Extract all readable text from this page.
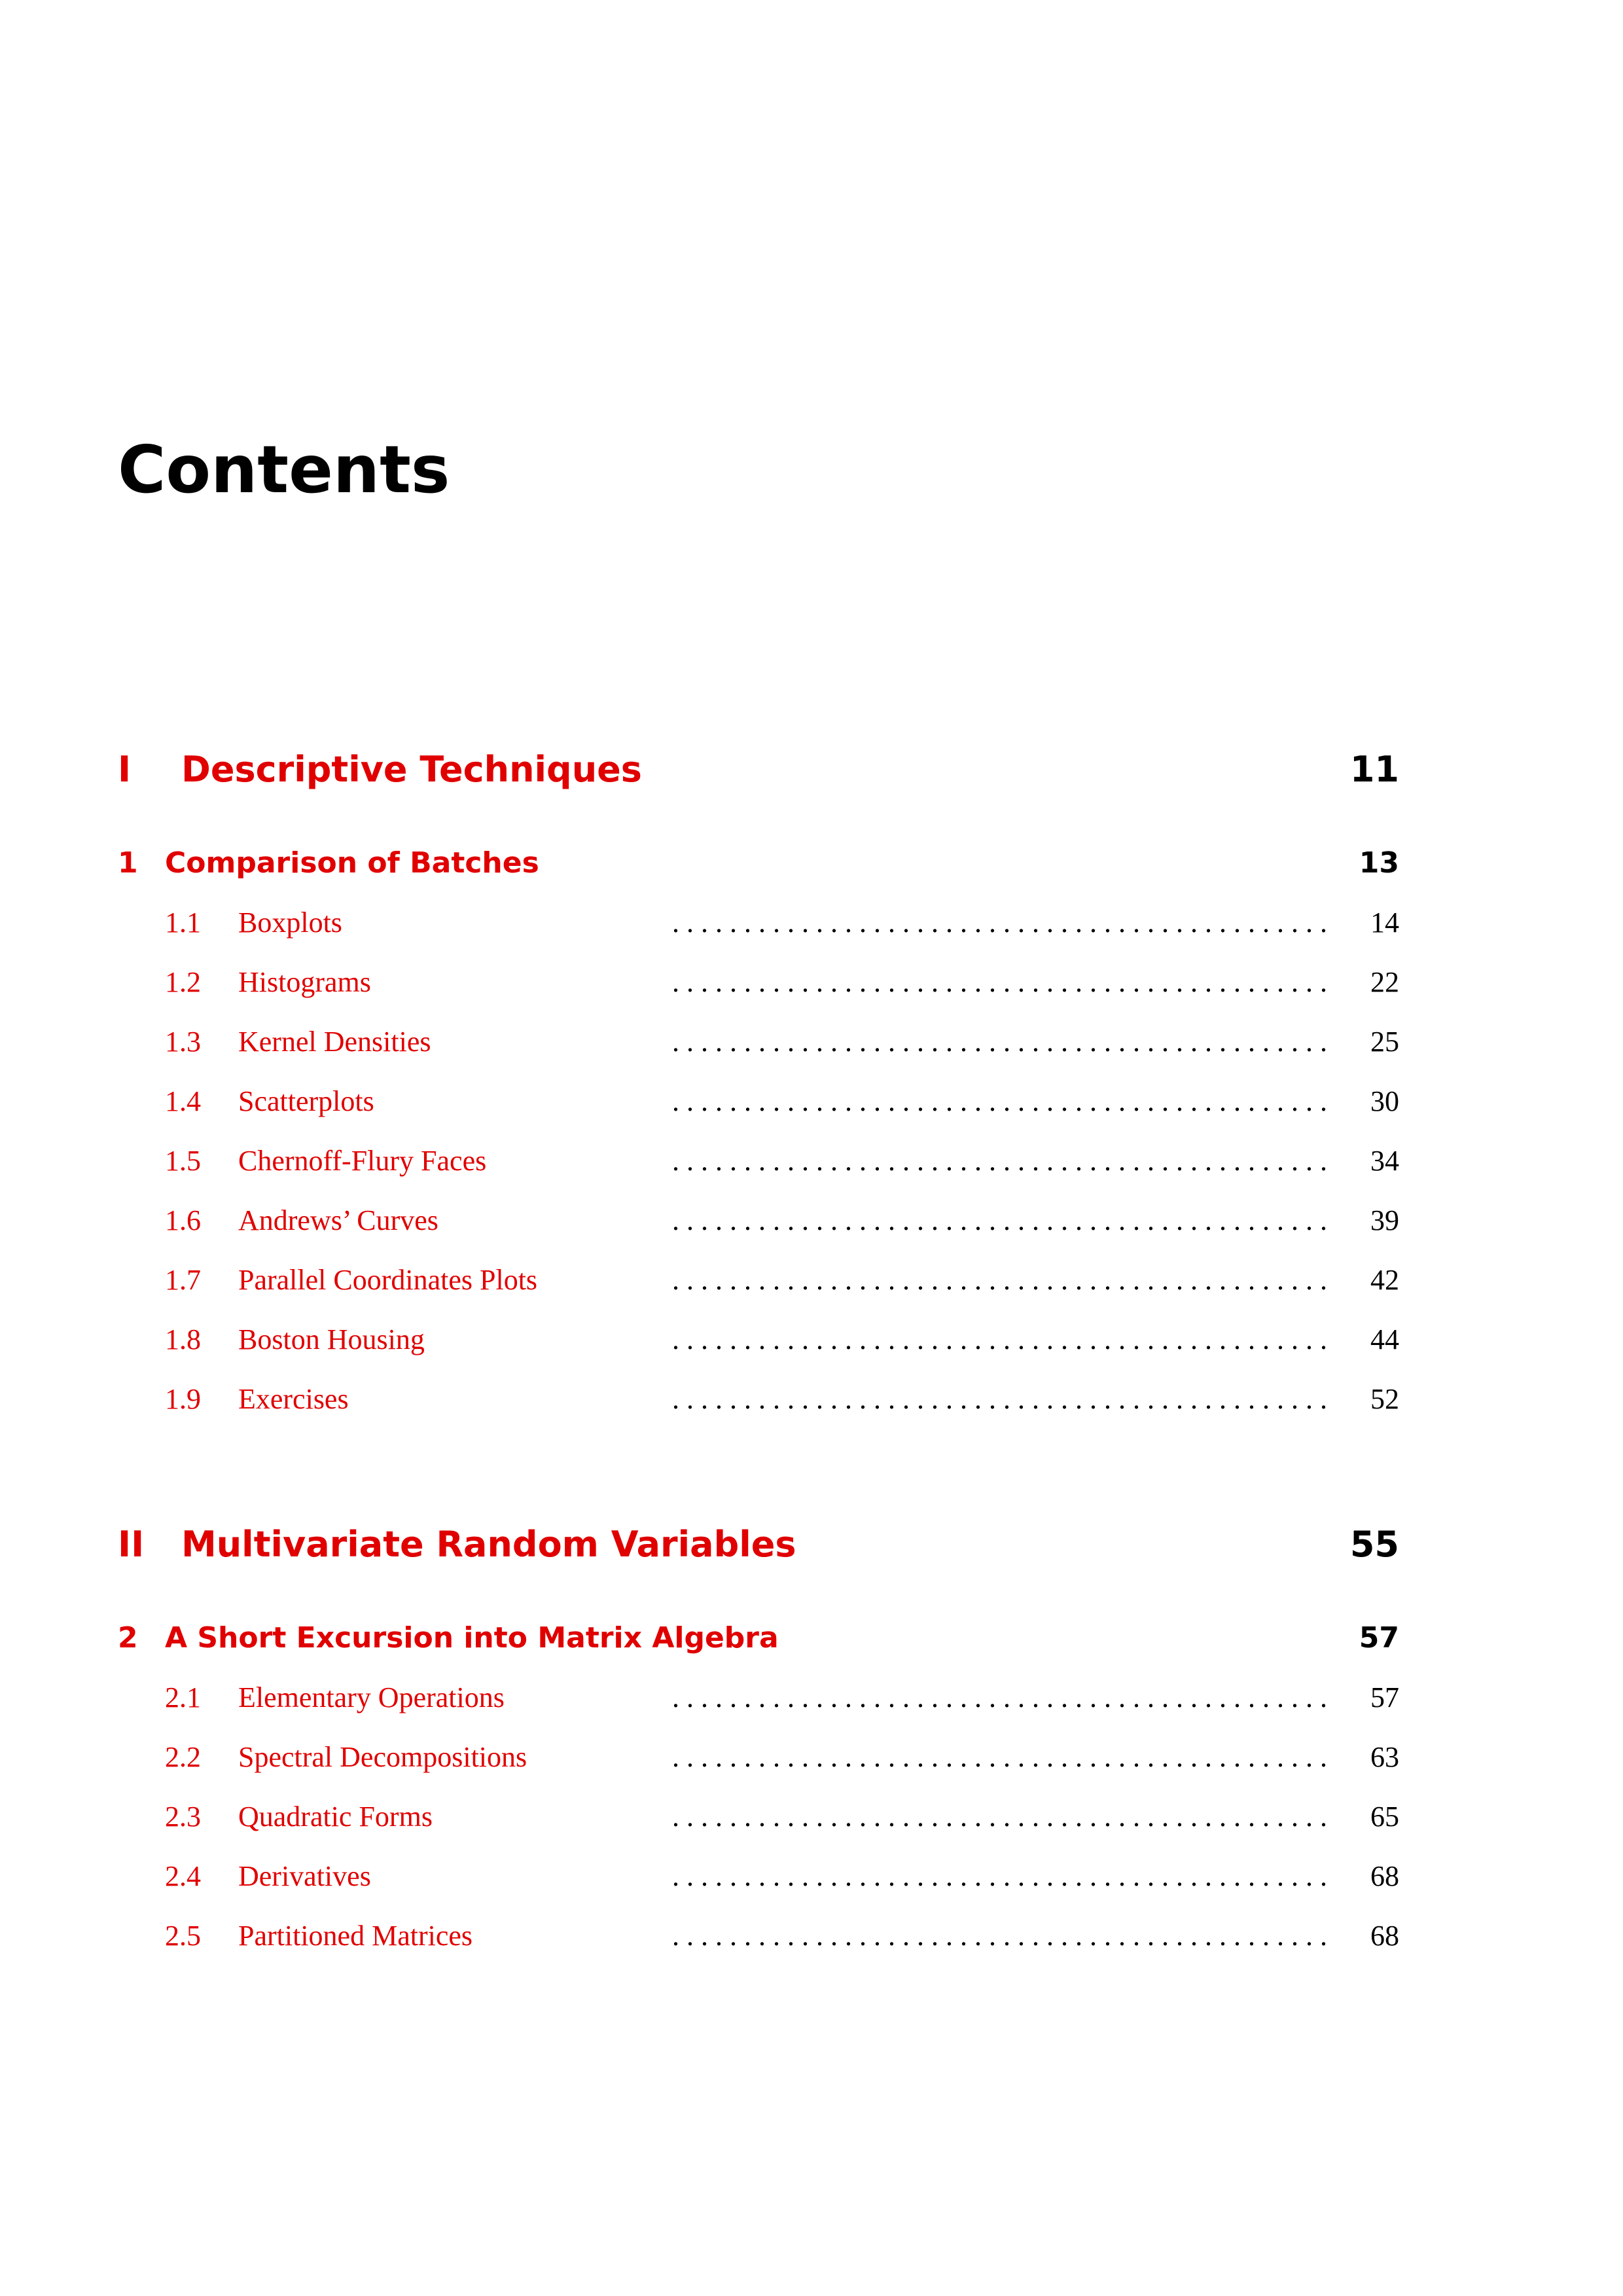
Contents
I Descriptive Techniques	11
1 Comparison of Batches	13
1.1 Boxplots	. . . . . . . . . . . . . . . . . . . . . . . . . . . . . . . . . . . . . . . . . . . . . . 14
1.2 Histograms	. . . . . . . . . . . . . . . . . . . . . . . . . . . . . . . . . . . . . . . . . . . . . . 22
1.3 Kernel Densities	. . . . . . . . . . . . . . . . . . . . . . . . . . . . . . . . . . . . . . . . . . . . . . 25
1.4 Scatterplots	. . . . . . . . . . . . . . . . . . . . . . . . . . . . . . . . . . . . . . . . . . . . . . 30
1.5 Chernoff-Flury Faces	. . . . . . . . . . . . . . . . . . . . . . . . . . . . . . . . . . . . . . . . . . . . . . 34
1.6 Andrews’ Curves	. . . . . . . . . . . . . . . . . . . . . . . . . . . . . . . . . . . . . . . . . . . . . . 39
1.7 Parallel Coordinates Plots	. . . . . . . . . . . . . . . . . . . . . . . . . . . . . . . . . . . . . . . . . . . . . . 42
1.8 Boston Housing	. . . . . . . . . . . . . . . . . . . . . . . . . . . . . . . . . . . . . . . . . . . . . . 44
1.9 Exercises	. . . . . . . . . . . . . . . . . . . . . . . . . . . . . . . . . . . . . . . . . . . . . . 52
II Multivariate Random Variables	55
2 A Short Excursion into Matrix Algebra	57
2.1 Elementary Operations	. . . . . . . . . . . . . . . . . . . . . . . . . . . . . . . . . . . . . . . . . . . . . . 57
2.2 Spectral Decompositions	. . . . . . . . . . . . . . . . . . . . . . . . . . . . . . . . . . . . . . . . . . . . . . 63
2.3 Quadratic Forms	. . . . . . . . . . . . . . . . . . . . . . . . . . . . . . . . . . . . . . . . . . . . . . 65
2.4 Derivatives	. . . . . . . . . . . . . . . . . . . . . . . . . . . . . . . . . . . . . . . . . . . . . . 68
2.5 Partitioned Matrices	. . . . . . . . . . . . . . . . . . . . . . . . . . . . . . . . . . . . . . . . . . . . . . 68
